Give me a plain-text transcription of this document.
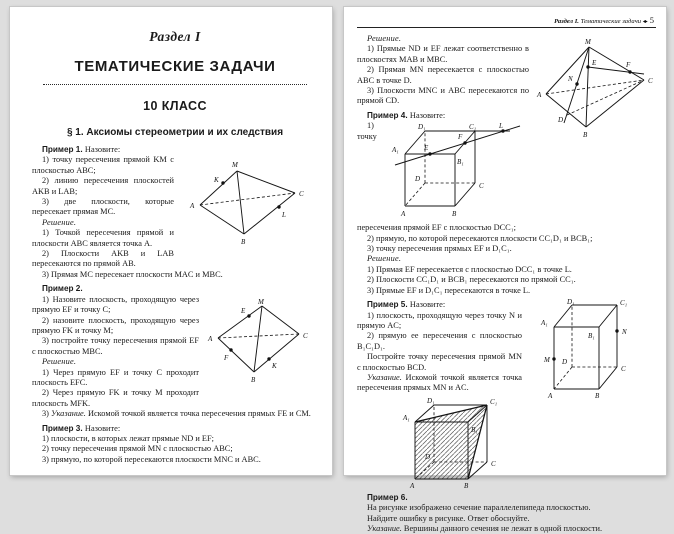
Раздел I
ТЕМАТИЧЕСКИЕ ЗАДАЧИ
10 КЛАСС
§ 1. Аксиомы стереометрии и их следствия

Пример 1. Назовите:

M
K
A
C
L
B

1) точку пересечения прямой KM с плоскостью ABC;

2) линию пересечения плоскостей AKB и LAB;

3) две плоскости, которые пересекает прямая MC.

Решение.

1) Точкой пересечения прямой и плоскости ABC является точка A.

2) Плоскости AKB и LAB пересекаются по прямой AB.

3) Прямая MC пересекает плоскости MAC и MBC.

Пример 2.

M
E
A	C
F
K
B

1) Назовите плоскость, проходящую через прямую EF и точку C;

2) назовите плоскость, проходящую через прямую FK и точку M;

3) постройте точку пересечения прямой EF с плоскостью MBC.

Решение.

1) Через прямую EF и точку C проходит плоскость EFC.

2) Через прямую FK и точку M проходит плоскость MFK.

3) Указание. Искомой точкой является точка пересечения прямых FE и CM.

Пример 3. Назовите:

1) плоскости, в которых лежат прямые ND и EF;

2) точку пересечения прямой MN с плоскостью ABC;

3) прямую, по которой пересекаются плоскости MNC и ABC.

Раздел I. Тематические задачи ◂▸ 5
M
E
N
F
A
C
D
B

Решение.

1) Прямые ND и EF лежат соответственно в плоскостях MAB и MBC.

2) Прямая MN пересекается с плоскостью ABC в точке D.

3) Плоскости MNC и ABC пересекаются по прямой CD.

Пример 4. Назовите:

D₁	C₁	L
A₁	E
F
B₁
D
C
A	B

1) точку пересечения прямой EF с плоскостью DCC₁;

2) прямую, по которой пересекаются плоскости CC₁D₁ и BCB₁;

3) точку пересечения прямых EF и D₁C₁.

Решение.

1) Прямая EF пересекается с плоскостью DCC₁ в точке L.

2) Плоскости CC₁D₁ и BCB₁ пересекаются по прямой CC₁.

3) Прямые EF и D₁C₁ пересекаются в точке L.

D₁	C₁
A₁
B₁	N
M D
C
A	B

Пример 5. Назовите:

1) плоскость, проходящую через точку N и прямую AC;

2) прямую ее пересечения с плоскостью B₁C₁D₁.

Постройте точку пересечения прямой MN с плоскостью BCD.

Указание. Искомой точкой является точка пересечения прямых MN и AC.

D₁	C₁
A₁
B₁
D
C
A	B

Пример 6.

На рисунке изображено сечение параллелепипеда плоскостью.

Найдите ошибку в рисунке. Ответ обоснуйте.

Указание. Вершины данного сечения не лежат в одной плоскости.
